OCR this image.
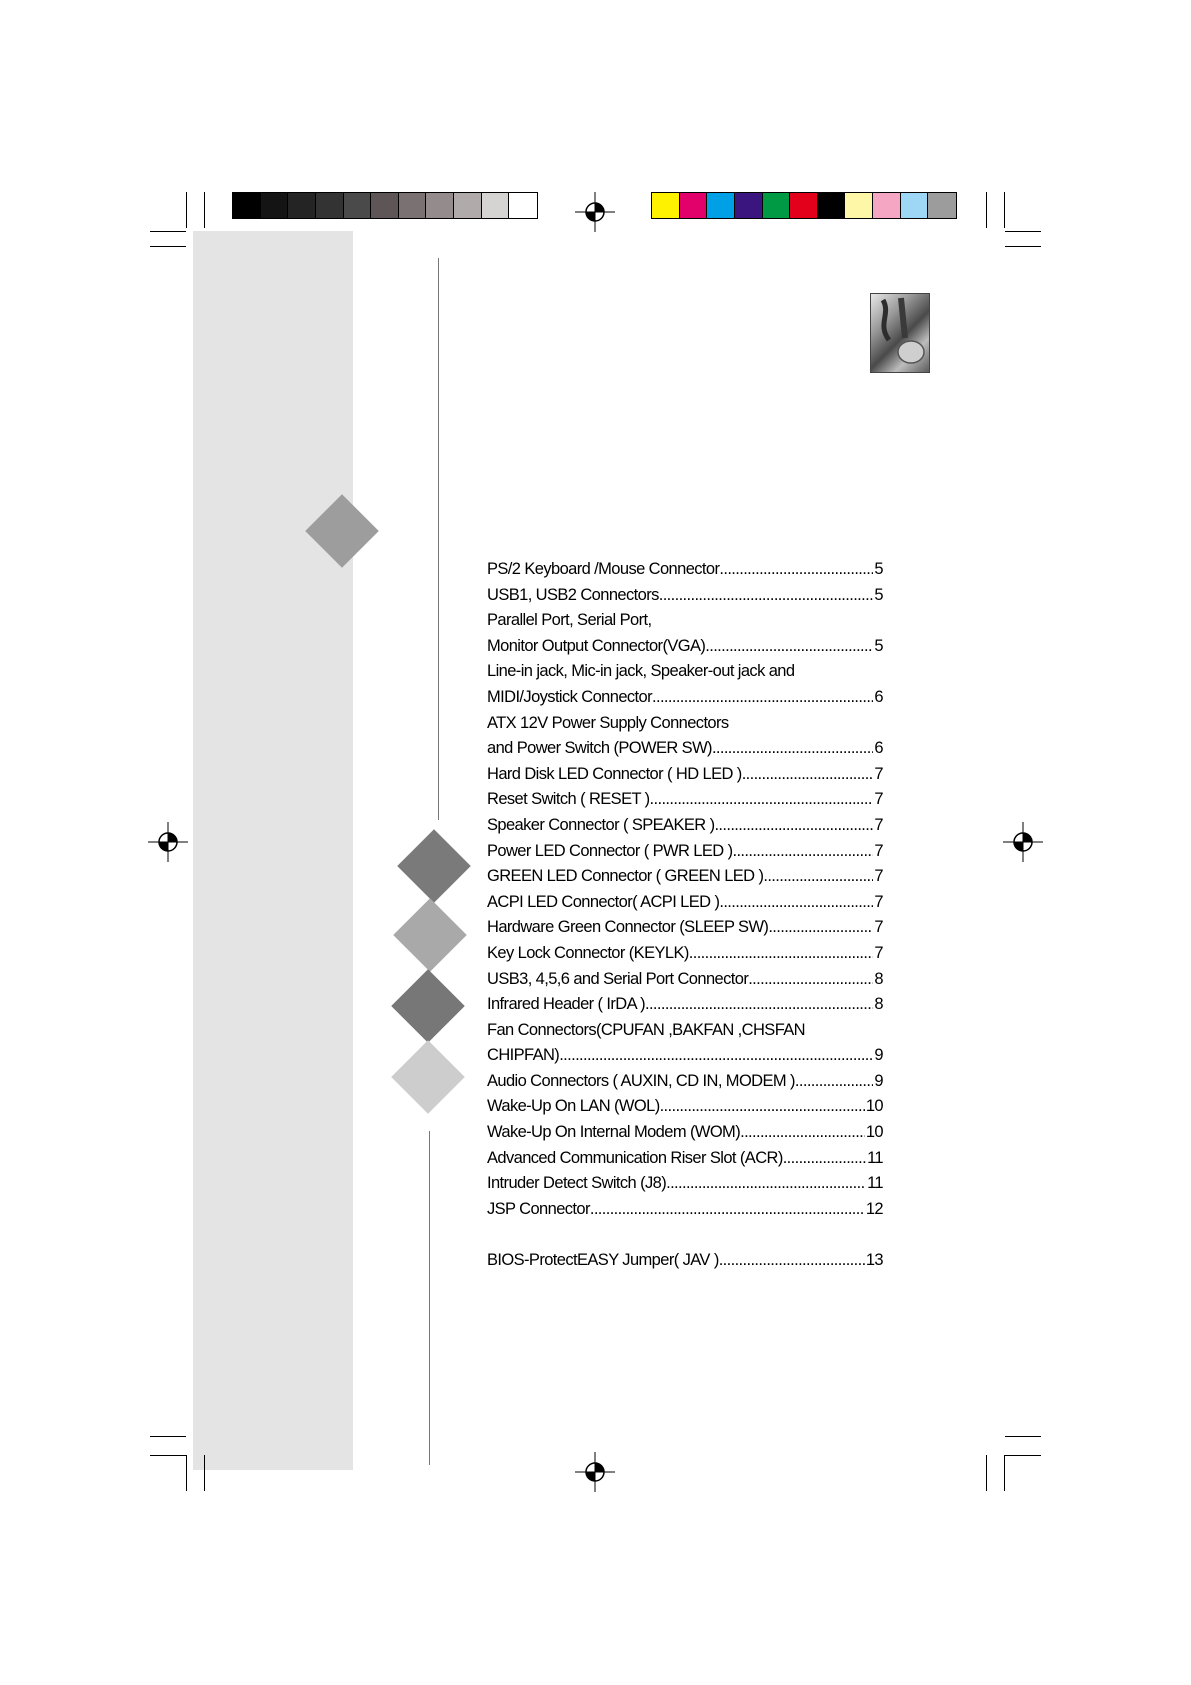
PS/2 Keyboard /Mouse Connector . . .	5
USB1, USB2 Connectors . . .	5
Parallel Port, Serial Port,
Monitor Output Connector(VGA) . . .	5
Line-in jack, Mic-in jack, Speaker-out jack and
MIDI/Joystick Connector . . .	6
ATX 12V Power Supply Connectors
and Power Switch (POWER SW) . . .	6
Hard Disk LED Connector ( HD LED ) . . .	7
Reset Switch ( RESET ) . . .	7
Speaker Connector ( SPEAKER ) . . .	7
Power LED Connector ( PWR LED ) . . .	7
GREEN LED Connector ( GREEN LED ) . . .	7
ACPI LED Connector( ACPI LED ) . . .	7
Hardware Green Connector (SLEEP SW) . . .	7
Key Lock Connector (KEYLK) . . .	7
USB3, 4,5,6 and Serial Port Connector . . .	8
Infrared Header ( IrDA ) . . .	8
Fan Connectors(CPUFAN ,BAKFAN ,CHSFAN
CHIPFAN) . . .	9
Audio Connectors ( AUXIN, CD IN, MODEM ) . . .	9
Wake-Up On LAN (WOL) . . .	10
Wake-Up On Internal Modem (WOM) . . .	10
Advanced Communication Riser Slot (ACR) . . .	11
Intruder Detect Switch (J8) . . .	11
JSP Connector . . .	12
BIOS-ProtectEASY Jumper( JAV ) . . .	13
